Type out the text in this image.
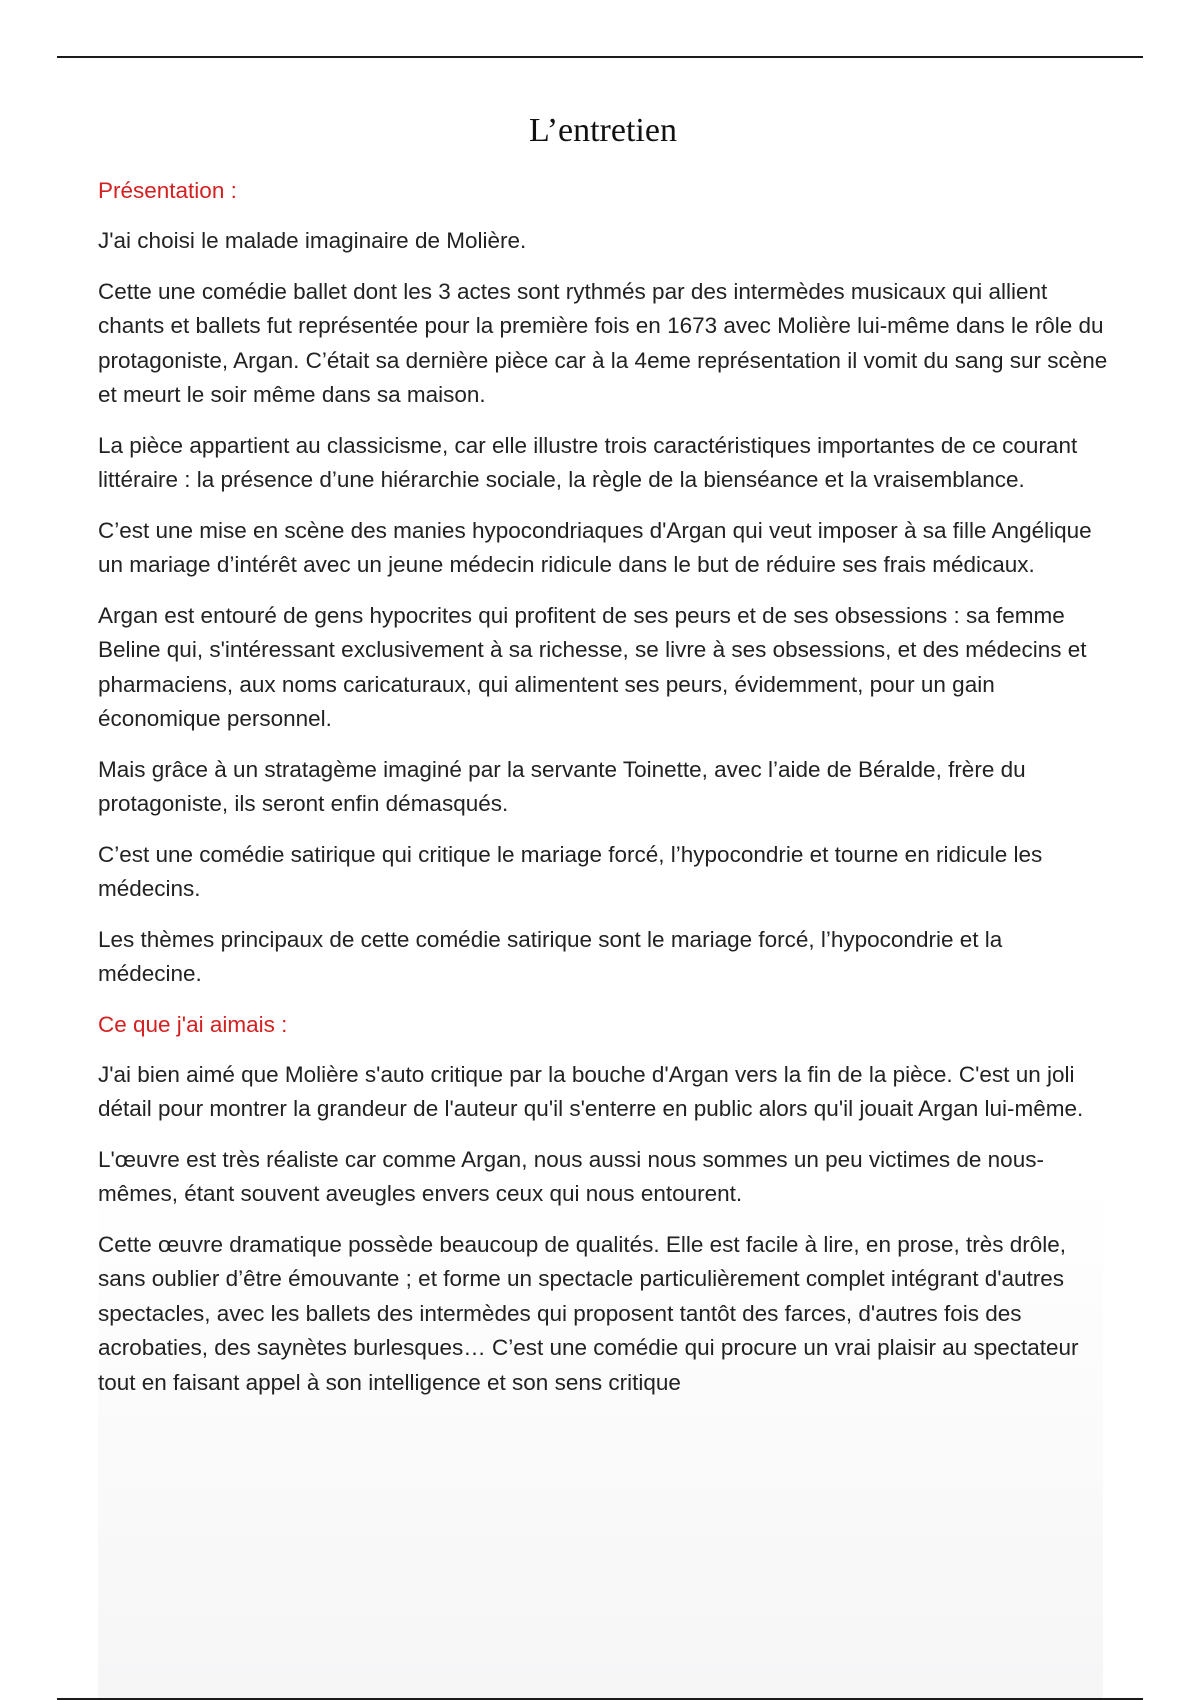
L’entretien
Présentation :

J'ai choisi le malade imaginaire de Molière.

Cette une comédie ballet dont les 3 actes sont rythmés par des intermèdes musicaux qui allient chants et ballets fut représentée pour la première fois en 1673 avec Molière lui-même dans le rôle du protagoniste, Argan. C’était sa dernière pièce car à la 4eme représentation il vomit du sang sur scène et meurt le soir même dans sa maison.

La pièce appartient au classicisme, car elle illustre trois caractéristiques importantes de ce courant littéraire : la présence d’une hiérarchie sociale, la règle de la bienséance et la vraisemblance.

C’est une mise en scène des manies hypocondriaques d'Argan qui veut imposer à sa fille Angélique un mariage d’intérêt avec un jeune médecin ridicule dans le but de réduire ses frais médicaux.

Argan est entouré de gens hypocrites qui profitent de ses peurs et de ses obsessions : sa femme Beline qui, s'intéressant exclusivement à sa richesse, se livre à ses obsessions, et des médecins et pharmaciens, aux noms caricaturaux, qui alimentent ses peurs, évidemment, pour un gain économique personnel.

Mais grâce à un stratagème imaginé par la servante Toinette, avec l’aide de Béralde, frère du protagoniste, ils seront enfin démasqués.

C’est une comédie satirique qui critique le mariage forcé, l’hypocondrie et tourne en ridicule les médecins.

Les thèmes principaux de cette comédie satirique sont le mariage forcé, l’hypocondrie et la médecine.

Ce que j'ai aimais :

J'ai bien aimé que Molière s'auto critique par la bouche d'Argan vers la fin de la pièce. C'est un joli détail pour montrer la grandeur de l'auteur qu'il s'enterre en public alors qu'il jouait Argan lui-même.

L'œuvre est très réaliste car comme Argan, nous aussi nous sommes un peu victimes de nous-mêmes, étant souvent aveugles envers ceux qui nous entourent.

Cette œuvre dramatique possède beaucoup de qualités. Elle est facile à lire, en prose, très drôle, sans oublier d’être émouvante ; et forme un spectacle particulièrement complet intégrant d'autres spectacles, avec les ballets des intermèdes qui proposent tantôt des farces, d'autres fois des acrobaties, des saynètes burlesques… C’est une comédie qui procure un vrai plaisir au spectateur tout en faisant appel à son intelligence et son sens critique
